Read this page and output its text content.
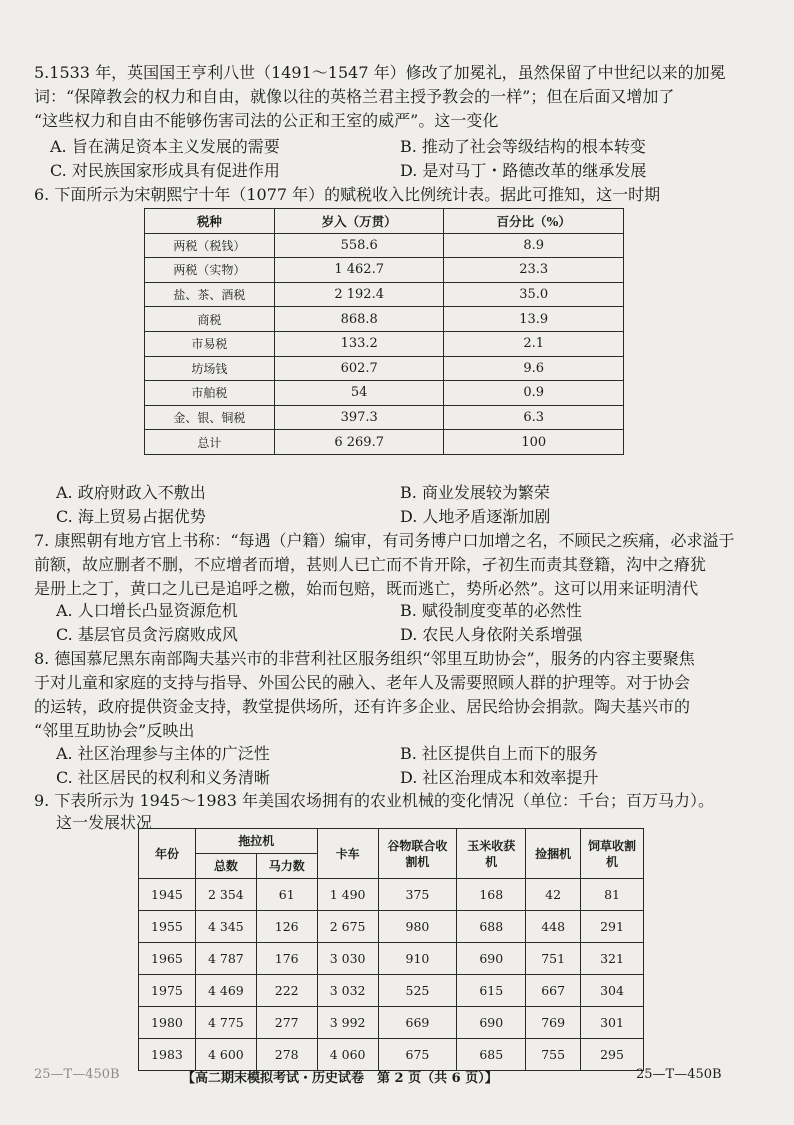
5.1533 年，英国国王亨利八世（1491～1547 年）修改了加冕礼，虽然保留了中世纪以来的加冕
词：“保障教会的权力和自由，就像以往的英格兰君主授予教会的一样”；但在后面又增加了
“这些权力和自由不能够伤害司法的公正和王室的威严”。这一变化
A. 旨在满足资本主义发展的需要	B. 推动了社会等级结构的根本转变
C. 对民族国家形成具有促进作用	D. 是对马丁・路德改革的继承发展
6. 下面所示为宋朝熙宁十年（1077 年）的赋税收入比例统计表。据此可推知，这一时期
税种	岁入（万贯）	百分比（%）
两税（税钱）	558.6	8.9
两税（实物）	1 462.7	23.3
盐、茶、酒税	2 192.4	35.0
商税	868.8	13.9
市易税	133.2	2.1
坊场钱	602.7	9.6
市舶税	54	0.9
金、银、铜税	397.3	6.3
总计	6 269.7	100
A. 政府财政入不敷出	B. 商业发展较为繁荣
C. 海上贸易占据优势	D. 人地矛盾逐渐加剧
7. 康熙朝有地方官上书称：“每遇（户籍）编审，有司务博户口加增之名，不顾民之疾痛，必求溢于
前额，故应删者不删，不应增者而增，甚则人已亡而不肯开除，孑初生而责其登籍，沟中之瘠犹
是册上之丁，黄口之儿已是追呼之檄，始而包赔，既而逃亡，势所必然”。这可以用来证明清代
A. 人口增长凸显资源危机	B. 赋役制度变革的必然性
C. 基层官员贪污腐败成风	D. 农民人身依附关系增强
8. 德国慕尼黑东南部陶夫基兴市的非营利社区服务组织“邻里互助协会”，服务的内容主要聚焦
于对儿童和家庭的支持与指导、外国公民的融入、老年人及需要照顾人群的护理等。对于协会
的运转，政府提供资金支持，教堂提供场所，还有许多企业、居民给协会捐款。陶夫基兴市的
“邻里互助协会”反映出
A. 社区治理参与主体的广泛性	B. 社区提供自上而下的服务
C. 社区居民的权利和义务清晰	D. 社区治理成本和效率提升
9. 下表所示为 1945～1983 年美国农场拥有的农业机械的变化情况（单位：千台；百万马力）。
这一发展状况
年份	拖拉机		卡车	谷物联合收割机	玉米收获机	捡捆机	饲草收割机
	总数	马力数					
1945	2 354	61	1 490	375	168	42	81
1955	4 345	126	2 675	980	688	448	291
1965	4 787	176	3 030	910	690	751	321
1975	4 469	222	3 032	525	615	667	304
1980	4 775	277	3 992	669	690	769	301
1983	4 600	278	4 060	675	685	755	295
25—T—450B	【高二期末模拟考试・历史试卷　第 2 页（共 6 页）】	25—T—450B
